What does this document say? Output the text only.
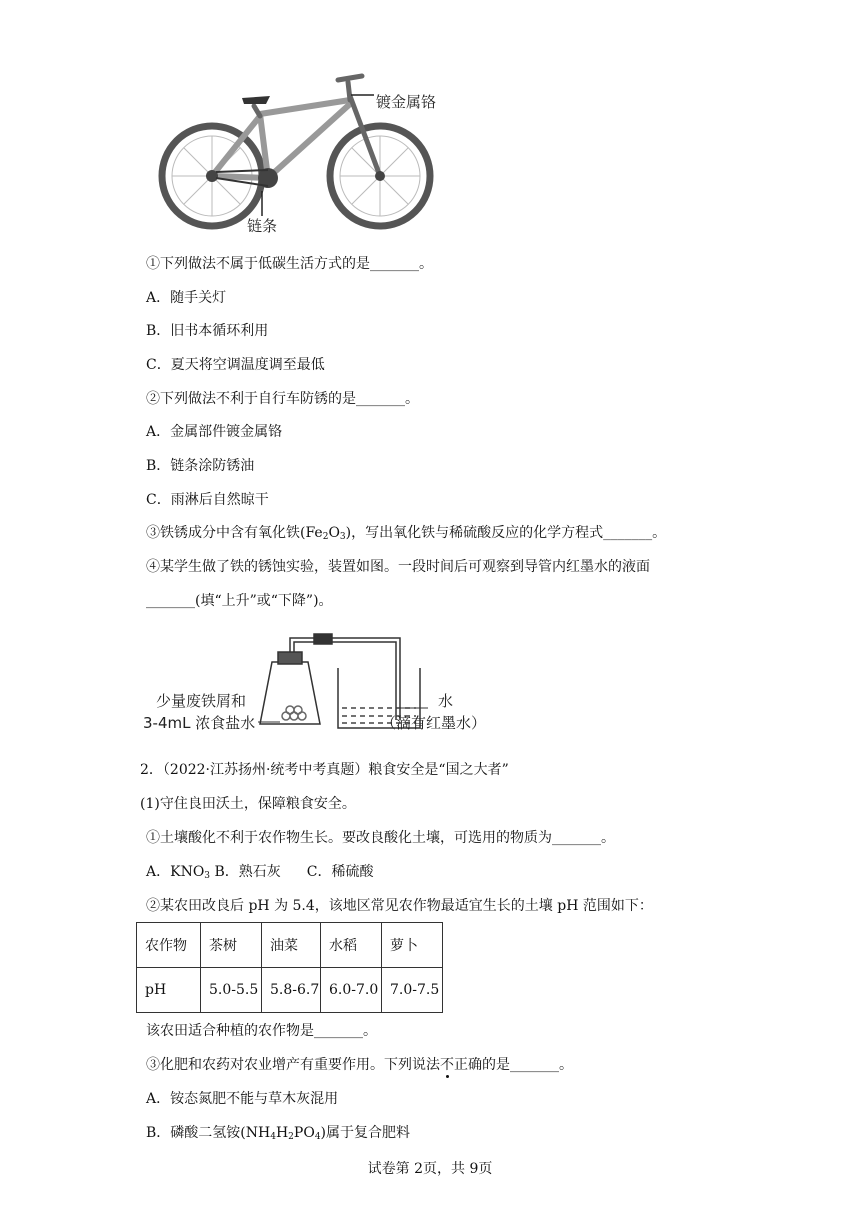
镀金属铬
链条
①下列做法不属于低碳生活方式的是_______。
A．随手关灯
B．旧书本循环利用
C．夏天将空调温度调至最低
②下列做法不利于自行车防锈的是_______。
A．金属部件镀金属铬
B．链条涂防锈油
C．雨淋后自然晾干
③铁锈成分中含有氧化铁$(Fe_2O_3)$，写出氧化铁与稀硫酸反应的化学方程式_______。
④某学生做了铁的锈蚀实验，装置如图。一段时间后可观察到导管内红墨水的液面
_______(填“上升”或“下降”)。
少量废铁屑和
3-4mL 浓食盐水
水
（滴有红墨水）
2．（2022·江苏扬州·统考中考真题）粮食安全是“国之大者”
(1)守住良田沃土，保障粮食安全。
①土壤酸化不利于农作物生长。要改良酸化土壤，可选用的物质为_______。
A．$KNO_3$ B．熟石灰 C．稀硫酸
②某农田改良后 pH 为 5.4，该地区常见农作物最适宜生长的土壤 pH 范围如下：
农作物	茶树	油菜	水稻	萝卜
pH	5.0-5.5	5.8-6.7	6.0-7.0	7.0-7.5
该农田适合种植的农作物是_______。
③化肥和农药对农业增产有重要作用。下列说法不正确的是_______。
A．铵态氮肥不能与草木灰混用
B．磷酸二氢铵$(NH_4H_2PO_4)$属于复合肥料
试卷第 2页，共 9页
